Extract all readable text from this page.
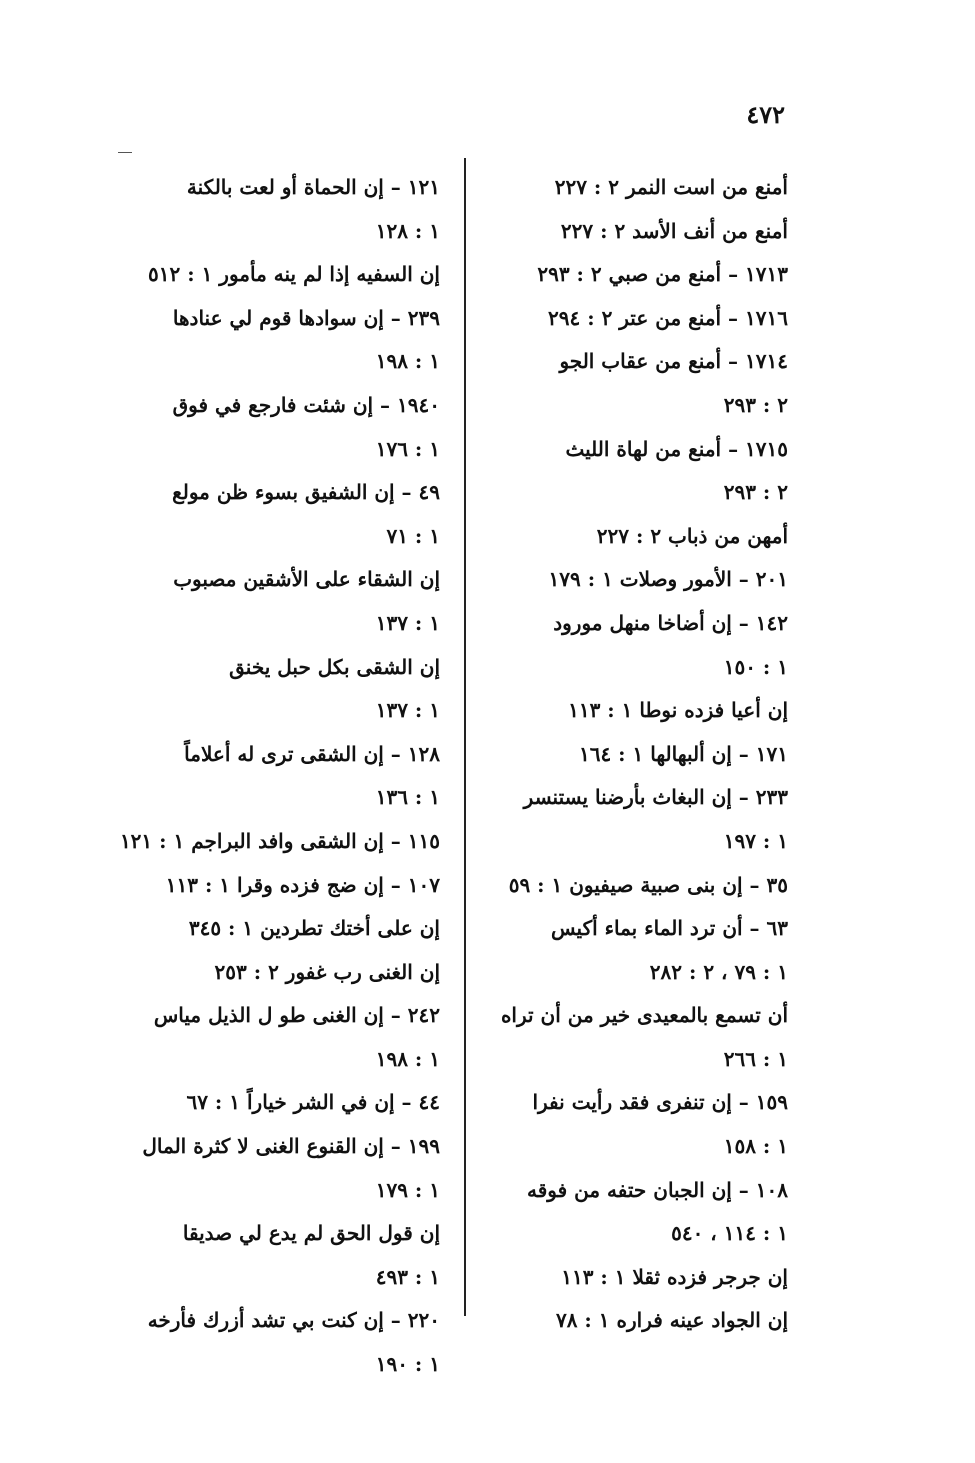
٤٧٢
أمنع من است النمر ٢ : ٢٢٧
أمنع من أنف الأسد ٢ : ٢٢٧
١٧١٣ – أمنع من صبي ٢ : ٢٩٣
١٧١٦ – أمنع من عتر ٢ : ٢٩٤
١٧١٤ – أمنع من عقاب الجو
٢ : ٢٩٣
١٧١٥ – أمنع من لهاة الليث
٢ : ٢٩٣
أمهن من ذباب ٢ : ٢٢٧
٢٠١ – الأمور وصلات ١ : ١٧٩
١٤٢ – إن أضاخا منهل مورود
١ : ١٥٠
إن أعيا فزده نوطا ١ : ١١٣
١٧١ – إن ألبهالها ١ : ١٦٤
٢٣٣ – إن البغاث بأرضنا يستنسر
١ : ١٩٧
٣٥ – إن بنى صبية صيفيون ١ : ٥٩
٦٣ – أن ترد الماء بماء أكيس
١ : ٧٩ ، ٢ : ٢٨٢
أن تسمع بالمعيدى خير من أن تراه
١ : ٢٦٦
١٥٩ – إن تنفرى فقد رأيت نفرا
١ : ١٥٨
١٠٨ – إن الجبان حتفه من فوقه
١ : ١١٤ ، ٥٤٠
إن جرجر فزده ثقلا ١ : ١١٣
إن الجواد عينه فراره ١ : ٧٨
١٢١ – إن الحماة أو لعت بالكنة
١ : ١٢٨
إن السفيه إذا لم ينه مأمور ١ : ٥١٢
٢٣٩ – إن سوادها قوم لي عنادها
١ : ١٩٨
١٩٤٠ – إن شئت فارجع في فوق
١ : ١٧٦
٤٩ – إن الشفيق بسوء ظن مولع
١ : ٧١
إن الشقاء على الأشقين مصبوب
١ : ١٣٧
إن الشقى بكل حبل يخنق
١ : ١٣٧
١٢٨ – إن الشقى ترى له أعلاماً
١ : ١٣٦
١١٥ – إن الشقى وافد البراجم ١ : ١٢١
١٠٧ – إن ضج فزده وقرا ١ : ١١٣
إن على أختك تطردين ١ : ٣٤٥
إن الغنى رب غفور ٢ : ٢٥٣
٢٤٢ – إن الغنى طو ل الذيل مياس
١ : ١٩٨
٤٤ – إن في الشر خياراً ١ : ٦٧
١٩٩ – إن القنوع الغنى لا كثرة المال
١ : ١٧٩
إن قول الحق لم يدع لي صديقا
١ : ٤٩٣
٢٢٠ – إن كنت بي تشد أزرك فأرخه
١ : ١٩٠
